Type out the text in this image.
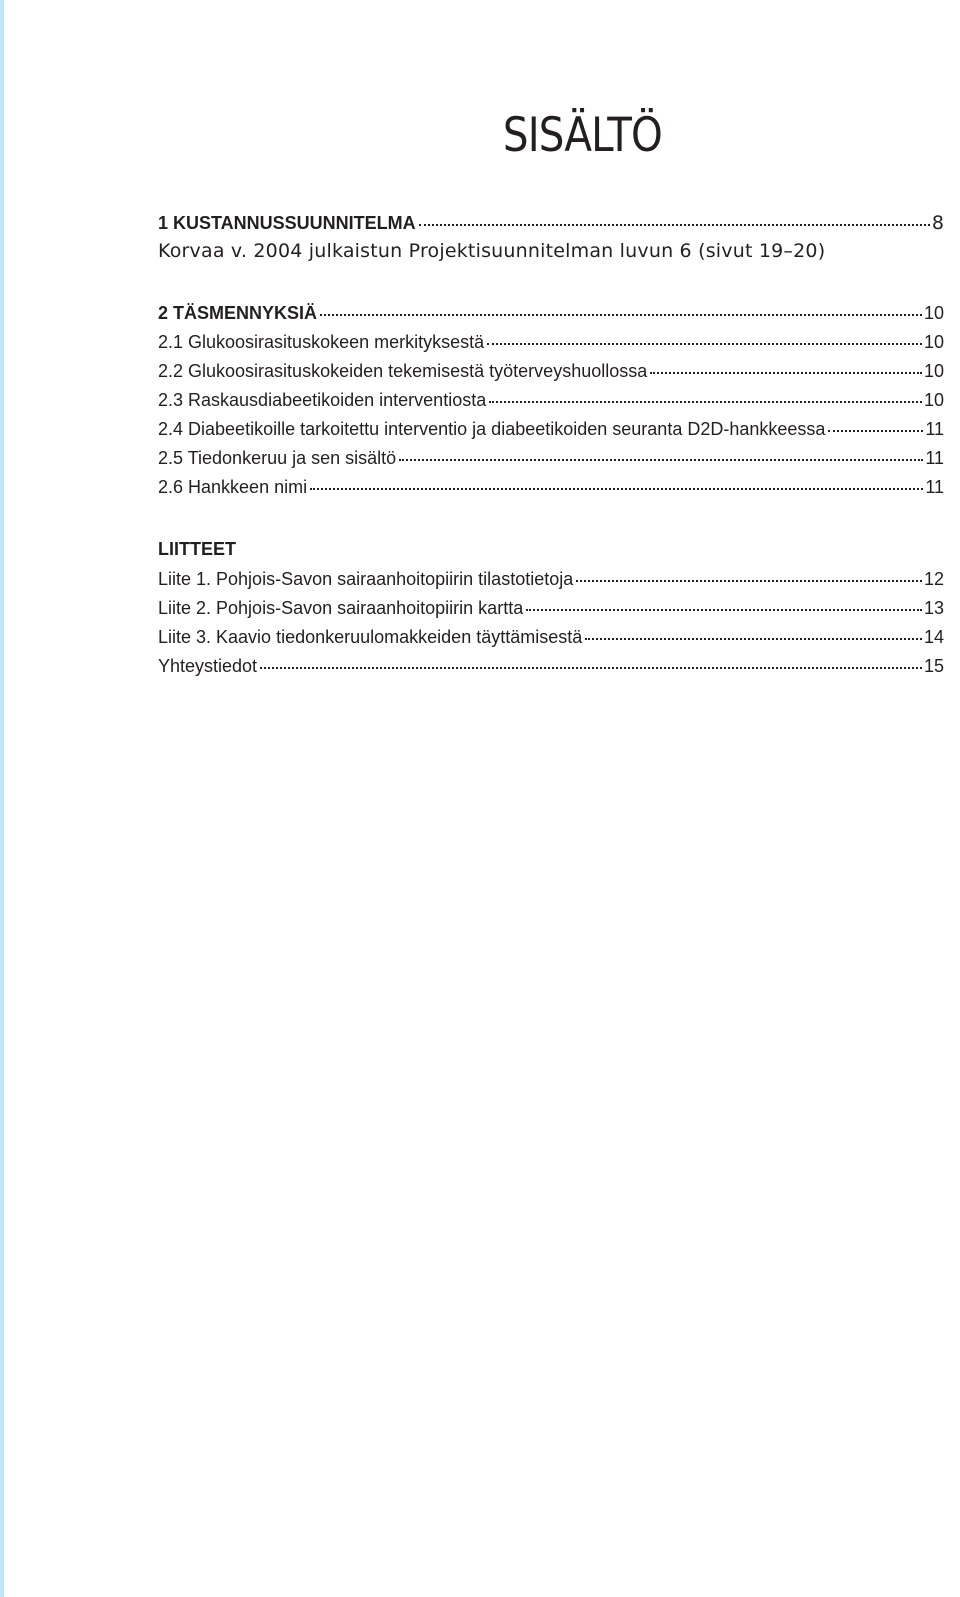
SISÄLTÖ
1 KUSTANNUSSUUNNITELMA	8
Korvaa v. 2004 julkaistun Projektisuunnitelman luvun 6 (sivut 19–20)
2 TÄSMENNYKSIÄ	10
2.1 Glukoosirasituskokeen merkityksestä	10
2.2 Glukoosirasituskokeiden tekemisestä työterveyshuollossa	10
2.3 Raskausdiabeetikoiden interventiosta	10
2.4 Diabeetikoille tarkoitettu interventio ja diabeetikoiden seuranta D2D-hankkeessa	11
2.5 Tiedonkeruu ja sen sisältö	11
2.6 Hankkeen nimi	11
LIITTEET
Liite 1. Pohjois-Savon sairaanhoitopiirin tilastotietoja	12
Liite 2. Pohjois-Savon sairaanhoitopiirin kartta	13
Liite 3. Kaavio tiedonkeruulomakkeiden täyttämisestä	14
Yhteystiedot	15
